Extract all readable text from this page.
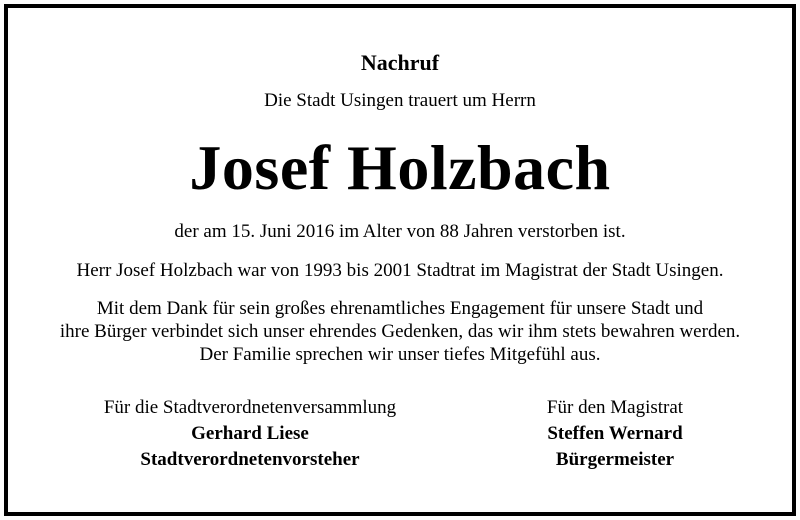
Nachruf
Die Stadt Usingen trauert um Herrn
Josef Holzbach
der am 15. Juni 2016 im Alter von 88 Jahren verstorben ist.
Herr Josef Holzbach war von 1993 bis 2001 Stadtrat im Magistrat der Stadt Usingen.
Mit dem Dank für sein großes ehrenamtliches Engagement für unsere Stadt und
ihre Bürger verbindet sich unser ehrendes Gedenken, das wir ihm stets bewahren werden.
Der Familie sprechen wir unser tiefes Mitgefühl aus.
Für die Stadtverordnetenversammlung
Gerhard Liese
Stadtverordnetenvorsteher
Für den Magistrat
Steffen Wernard
Bürgermeister
